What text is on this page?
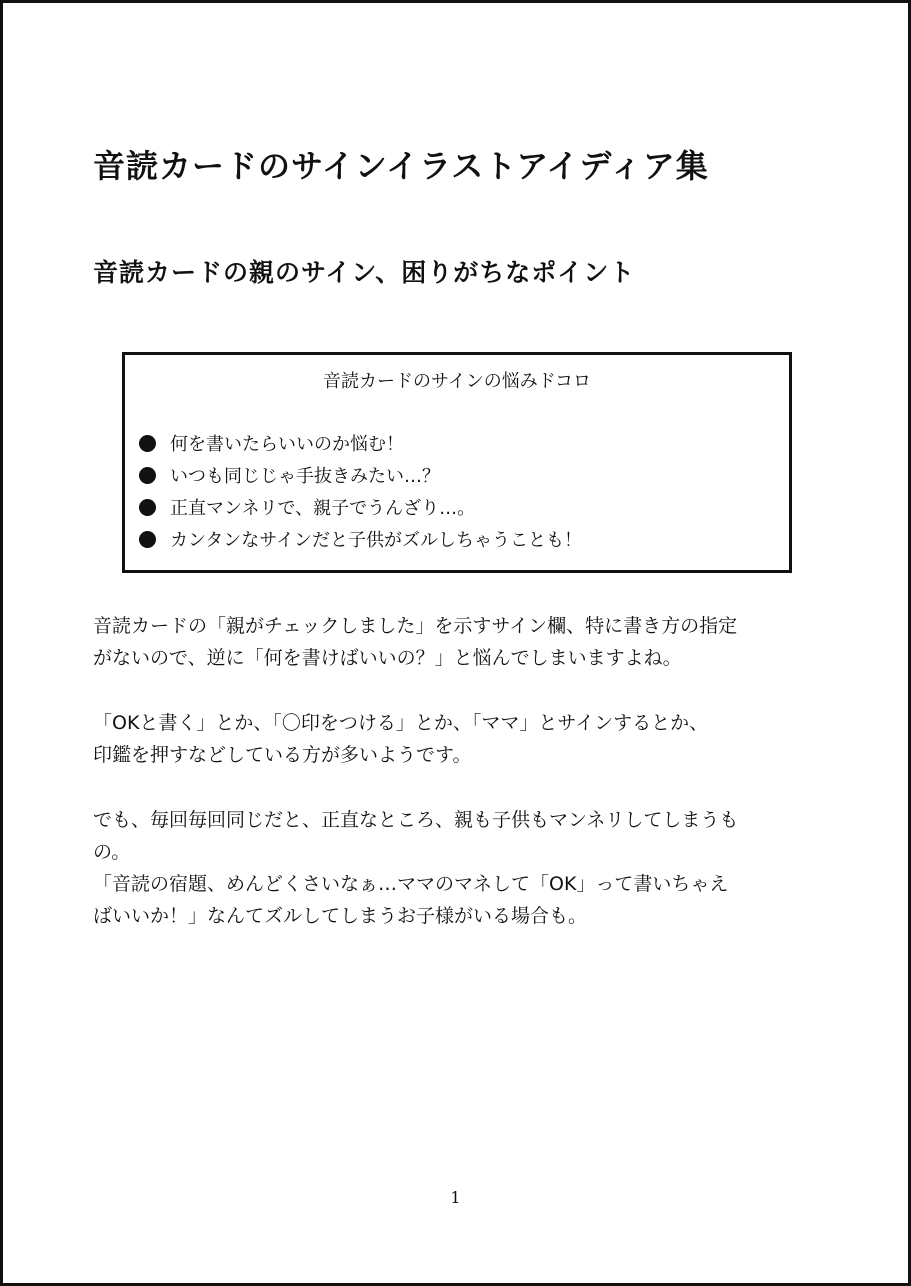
音読カードのサインイラストアイディア集
音読カードの親のサイン、困りがちなポイント
音読カードのサインの悩みドコロ
何を書いたらいいのか悩む！
いつも同じじゃ手抜きみたい…？
正直マンネリで、親子でうんざり…。
カンタンなサインだと子供がズルしちゃうことも！
音読カードの「親がチェックしました」を示すサイン欄、特に書き方の指定
がないので、逆に「何を書けばいいの？」と悩んでしまいますよね。
「OKと書く」とか、「〇印をつける」とか、「ママ」とサインするとか、
印鑑を押すなどしている方が多いようです。
でも、毎回毎回同じだと、正直なところ、親も子供もマンネリしてしまうも
の。
「音読の宿題、めんどくさいなぁ…ママのマネして「OK」って書いちゃえ
ばいいか！」なんてズルしてしまうお子様がいる場合も。
1
